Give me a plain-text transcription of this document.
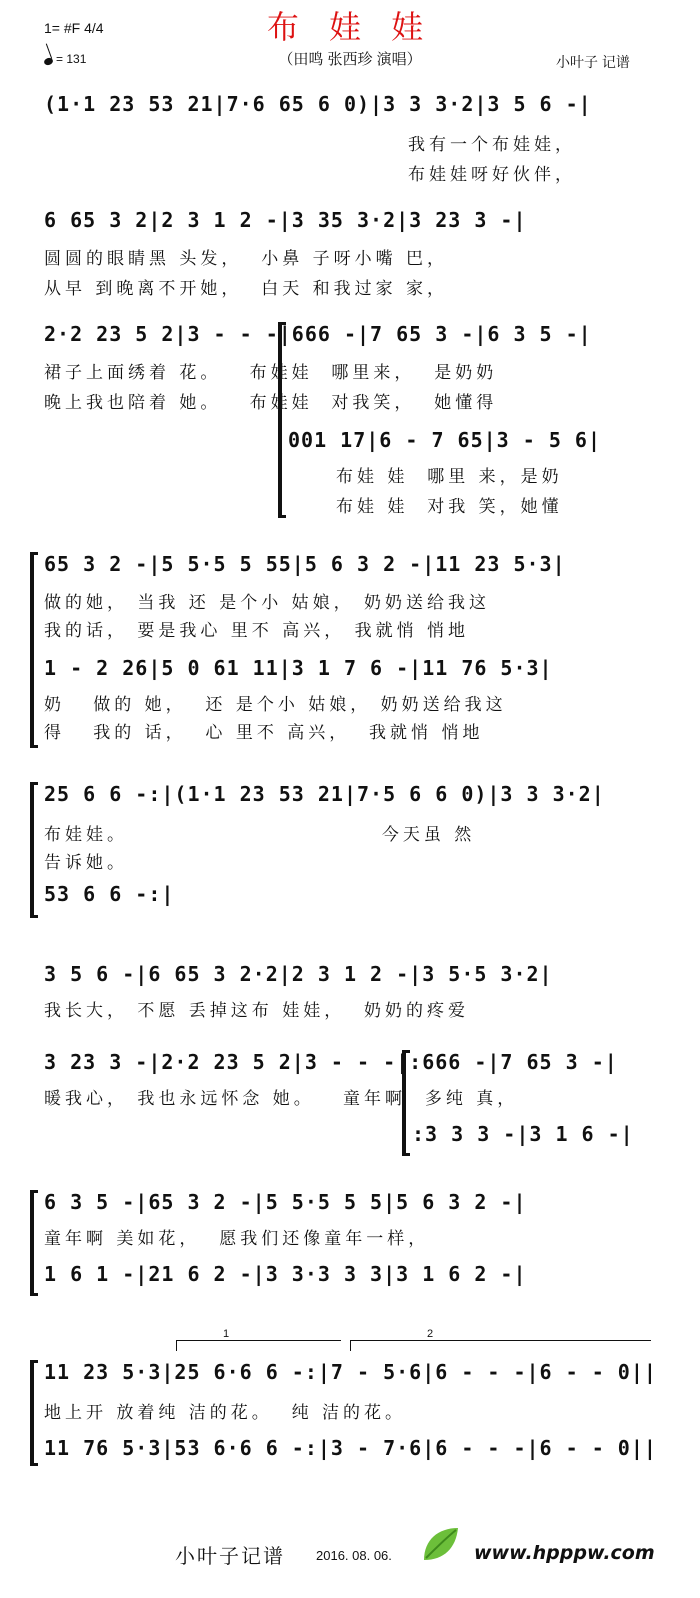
布 娃 娃
1= #F 4/4
= 131	（田鸣 张西珍 演唱）	小叶子 记谱
(1·1 23 53 21|7·6 65 6 0)|3 3 3·2|3 5 6 -|
我有一个布娃娃，
布娃娃呀好伙伴，
6 65 3 2|2 3 1 2 -|3 35 3·2|3 23 3 -|
圆圆的眼睛黑 头发，  小鼻 子呀小嘴 巴，
从早 到晚离不开她，  白天 和我过家 家，
2·2 23 5 2|3 - - -|666 -|7 65 3 -|6 3 5 -|
裙子上面绣着 花。   布娃娃  哪里来，  是奶奶
晚上我也陪着 她。   布娃娃  对我笑，  她懂得
001 17|6 - 7 65|3 - 5 6|
布娃 娃  哪里 来，是奶
布娃 娃  对我 笑，她懂
65 3 2 -|5 5·5 5 55|5 6 3 2 -|11 23 5·3|
做的她， 当我 还 是个小 姑娘， 奶奶送给我这
我的话， 要是我心 里不 高兴， 我就悄 悄地
1 - 2 26|5 0 61 11|3 1 7 6 -|11 76 5·3|
奶   做的 她，  还 是个小 姑娘， 奶奶送给我这
得   我的 话，  心 里不 高兴，  我就悄 悄地
25 6 6 -:|(1·1 23 53 21|7·5 6 6 0)|3 3 3·2|
布娃娃。                           今天虽 然
告诉她。
53 6 6 -:|
3 5 6 -|6 65 3 2·2|2 3 1 2 -|3 5·5 3·2|
我长大， 不愿 丢掉这布 娃娃，  奶奶的疼爱
3 23 3 -|2·2 23 5 2|3 - - -|:666 -|7 65 3 -|
暖我心， 我也永远怀念 她。   童年啊  多纯 真，
:3 3 3 -|3 1 6 -|
6 3 5 -|65 3 2 -|5 5·5 5 5|5 6 3 2 -|
童年啊 美如花，  愿我们还像童年一样，
1 6 1 -|21 6 2 -|3 3·3 3 3|3 1 6 2 -|
11 23 5·3|25 6·6 6 -:|7 - 5·6|6 - - -|6 - - 0||
地上开 放着纯 洁的花。  纯 洁的花。
11 76 5·3|53 6·6 6 -:|3 - 7·6|6 - - -|6 - - 0||
1	2
小叶子记谱 2016. 08. 06.	www.hpppw.com
